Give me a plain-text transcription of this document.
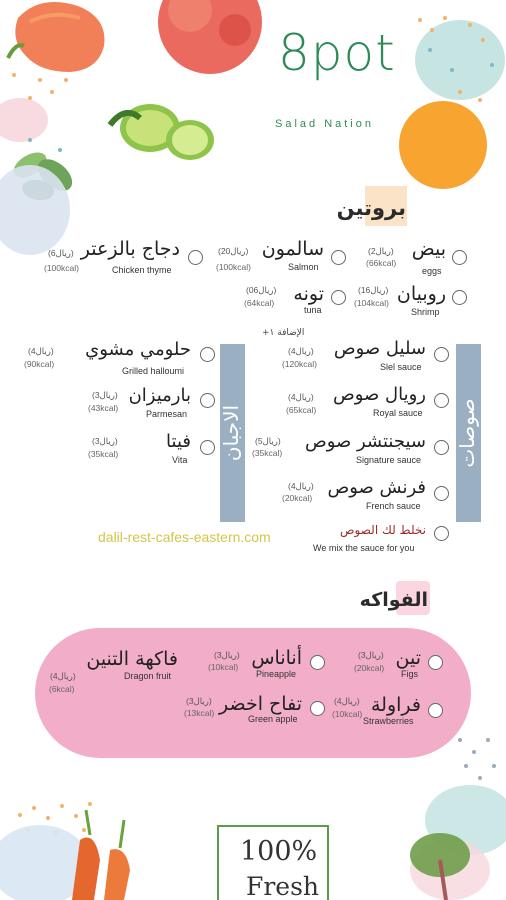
8pot
Salad Nation
بروتين
بيض
eggs
(2ريال)
(66kcal)
سالمون
Salmon
(20ريال)
(100kcal)
دجاج بالزعتر
Chicken thyme
(6ريال)
(100kcal)
روبيان
Shrimp
(16ريال)
(104kcal)
تونه
tuna
(06ريال)
(64kcal)
الإضافة ١+
صوصات
سليل صوص
Slel sauce
(4ريال)
(120kcal)
رويال صوص
Royal sauce
(4ريال)
(65kcal)
سيجنتشر صوص
Signature sauce
(5ريال)
(35kcal)
فرنش صوص
French sauce
(4ريال)
(20kcal)
نخلط لك الصوص
We mix the sauce for you
الاجبان
حلومي مشوي
Grilled halloumi
(4ريال)
(90kcal)
بارميزان
Parmesan
(3ريال)
(43kcal)
فيتا
Vita
(3ريال)
(35kcal)
dalil-rest-cafes-eastern.com
الفواكه
تين
Figs
(3ريال)
(20kcal)
أناناس
Pineapple
(3ريال)
(10kcal)
فاكهة التنين
Dragon fruit
(4ريال)
(6kcal)
فراولة
Strawberries
(4ريال)
(10kcal)
تفاح اخضر
Green apple
(3ريال)
(13kcal)
100%
Fresh
